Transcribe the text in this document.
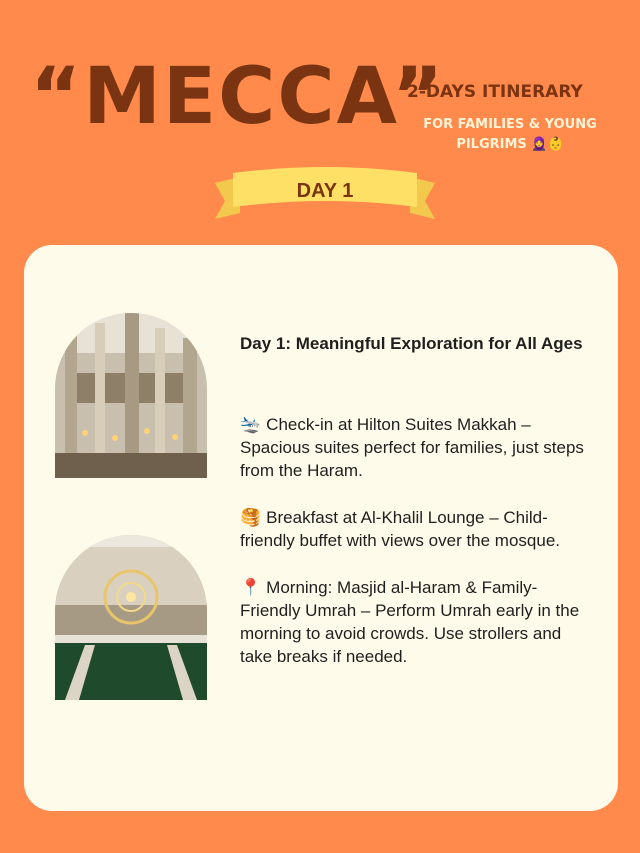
“MECCA”
2-DAYS ITINERARY
FOR FAMILIES & YOUNG PILGRIMS 🧕👶
DAY 1

Day 1: Meaningful Exploration for All Ages

🛬 Check-in at Hilton Suites Makkah – Spacious suites perfect for families, just steps from the Haram.

🥞 Breakfast at Al-Khalil Lounge – Child-friendly buffet with views over the mosque.

📍 Morning: Masjid al-Haram & Family-Friendly Umrah – Perform Umrah early in the morning to avoid crowds. Use strollers and take breaks if needed.
